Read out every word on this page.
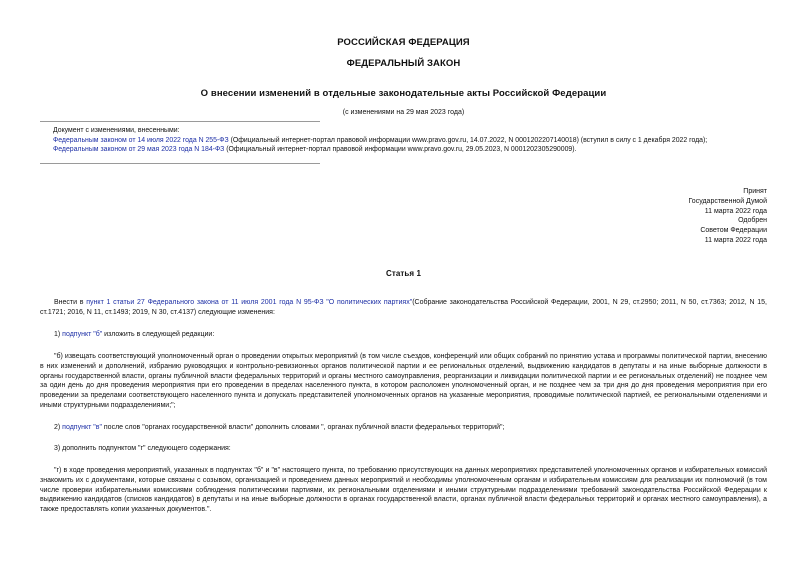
РОССИЙСКАЯ ФЕДЕРАЦИЯ
ФЕДЕРАЛЬНЫЙ ЗАКОН
О внесении изменений в отдельные законодательные акты Российской Федерации
(с изменениями на 29 мая 2023 года)
Документ с изменениями, внесенными:
Федеральным законом от 14 июля 2022 года N 255-ФЗ (Официальный интернет-портал правовой информации www.pravo.gov.ru, 14.07.2022, N 0001202207140018) (вступил в силу с 1 декабря 2022 года);
Федеральным законом от 29 мая 2023 года N 184-ФЗ (Официальный интернет-портал правовой информации www.pravo.gov.ru, 29.05.2023, N 0001202305290009).
Принят
Государственной Думой
11 марта 2022 года
Одобрен
Советом Федерации
11 марта 2022 года
Статья 1
Внести в пункт 1 статьи 27 Федерального закона от 11 июля 2001 года N 95-ФЗ "О политических партиях"(Собрание законодательства Российской Федерации, 2001, N 29, ст.2950; 2011, N 50, ст.7363; 2012, N 15, ст.1721; 2016, N 11, ст.1493; 2019, N 30, ст.4137) следующие изменения:
1) подпункт "б" изложить в следующей редакции:
"б) извещать соответствующий уполномоченный орган о проведении открытых мероприятий (в том числе съездов, конференций или общих собраний по принятию устава и программы политической партии, внесению в них изменений и дополнений, избранию руководящих и контрольно-ревизионных органов политической партии и ее региональных отделений, выдвижению кандидатов в депутаты и на иные выборные должности в органы государственной власти, органы публичной власти федеральных территорий и органы местного самоуправления, реорганизации и ликвидации политической партии и ее региональных отделений) не позднее чем за один день до дня проведения мероприятия при его проведении в пределах населенного пункта, в котором расположен уполномоченный орган, и не позднее чем за три дня до дня проведения мероприятия при его проведении за пределами соответствующего населенного пункта и допускать представителей уполномоченных органов на указанные мероприятия, проводимые политической партией, ее региональными отделениями и иными структурными подразделениями;";
2) подпункт "в" после слов "органах государственной власти" дополнить словами ", органах публичной власти федеральных территорий";
3) дополнить подпунктом "г" следующего содержания:
"г) в ходе проведения мероприятий, указанных в подпунктах "б" и "в" настоящего пункта, по требованию присутствующих на данных мероприятиях представителей уполномоченных органов и избирательных комиссий знакомить их с документами, которые связаны с созывом, организацией и проведением данных мероприятий и необходимы уполномоченным органам и избирательным комиссиям для реализации их полномочий (в том числе проверки избирательными комиссиями соблюдения политическими партиями, их региональными отделениями и иными структурными подразделениями требований законодательства Российской Федерации к выдвижению кандидатов (списков кандидатов) в депутаты и на иные выборные должности в органах государственной власти, органах публичной власти федеральных территорий и органах местного самоуправления), а также предоставлять копии указанных документов.".
